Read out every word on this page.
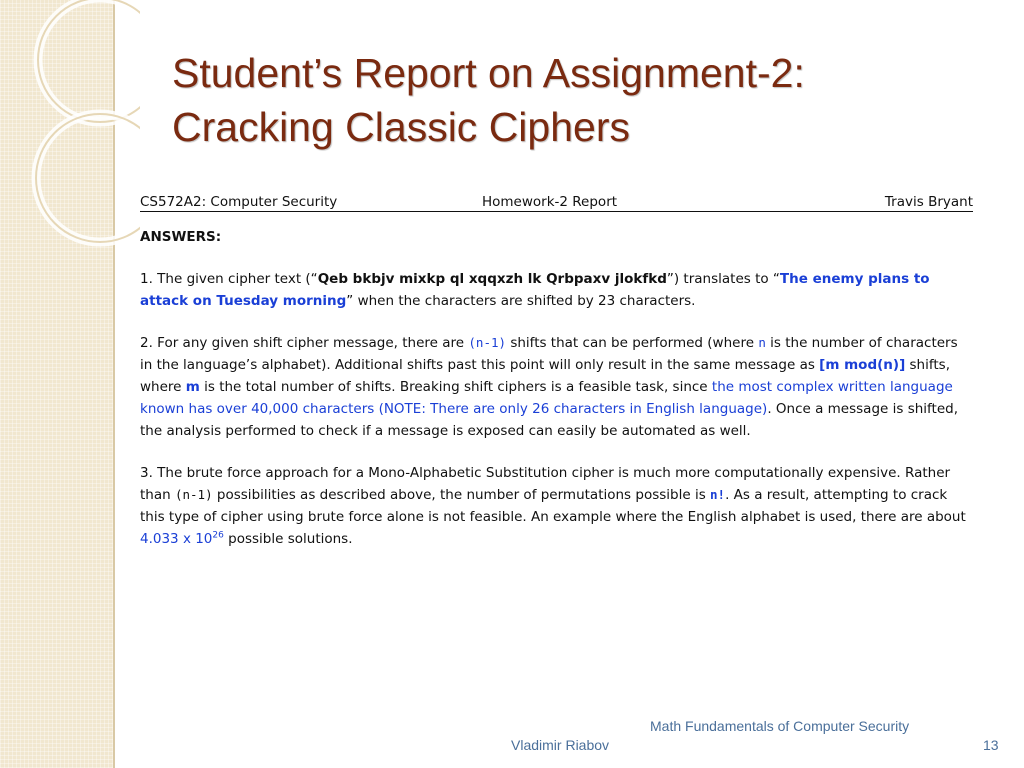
Student’s Report on Assignment-2:
Cracking Classic Ciphers
CS572A2: Computer Security	Homework-2 Report	Travis Bryant
ANSWERS:
1. The given cipher text (“Qeb bkbjv mixkp ql xqqxzh lk Qrbpaxv jlokfkd”) translates to “The enemy plans to attack on Tuesday morning” when the characters are shifted by 23 characters.
2. For any given shift cipher message, there are (n-1) shifts that can be performed (where n is the number of characters in the language’s alphabet). Additional shifts past this point will only result in the same message as [m mod(n)] shifts, where m is the total number of shifts. Breaking shift ciphers is a feasible task, since the most complex written language known has over 40,000 characters (NOTE: There are only 26 characters in English language). Once a message is shifted, the analysis performed to check if a message is exposed can easily be automated as well.
3. The brute force approach for a Mono-Alphabetic Substitution cipher is much more computationally expensive. Rather than (n-1) possibilities as described above, the number of permutations possible is n!. As a result, attempting to crack this type of cipher using brute force alone is not feasible. An example where the English alphabet is used, there are about 4.033 x $10^{26}$ possible solutions.
Vladimir Riabov
Math Fundamentals of Computer Security
13
